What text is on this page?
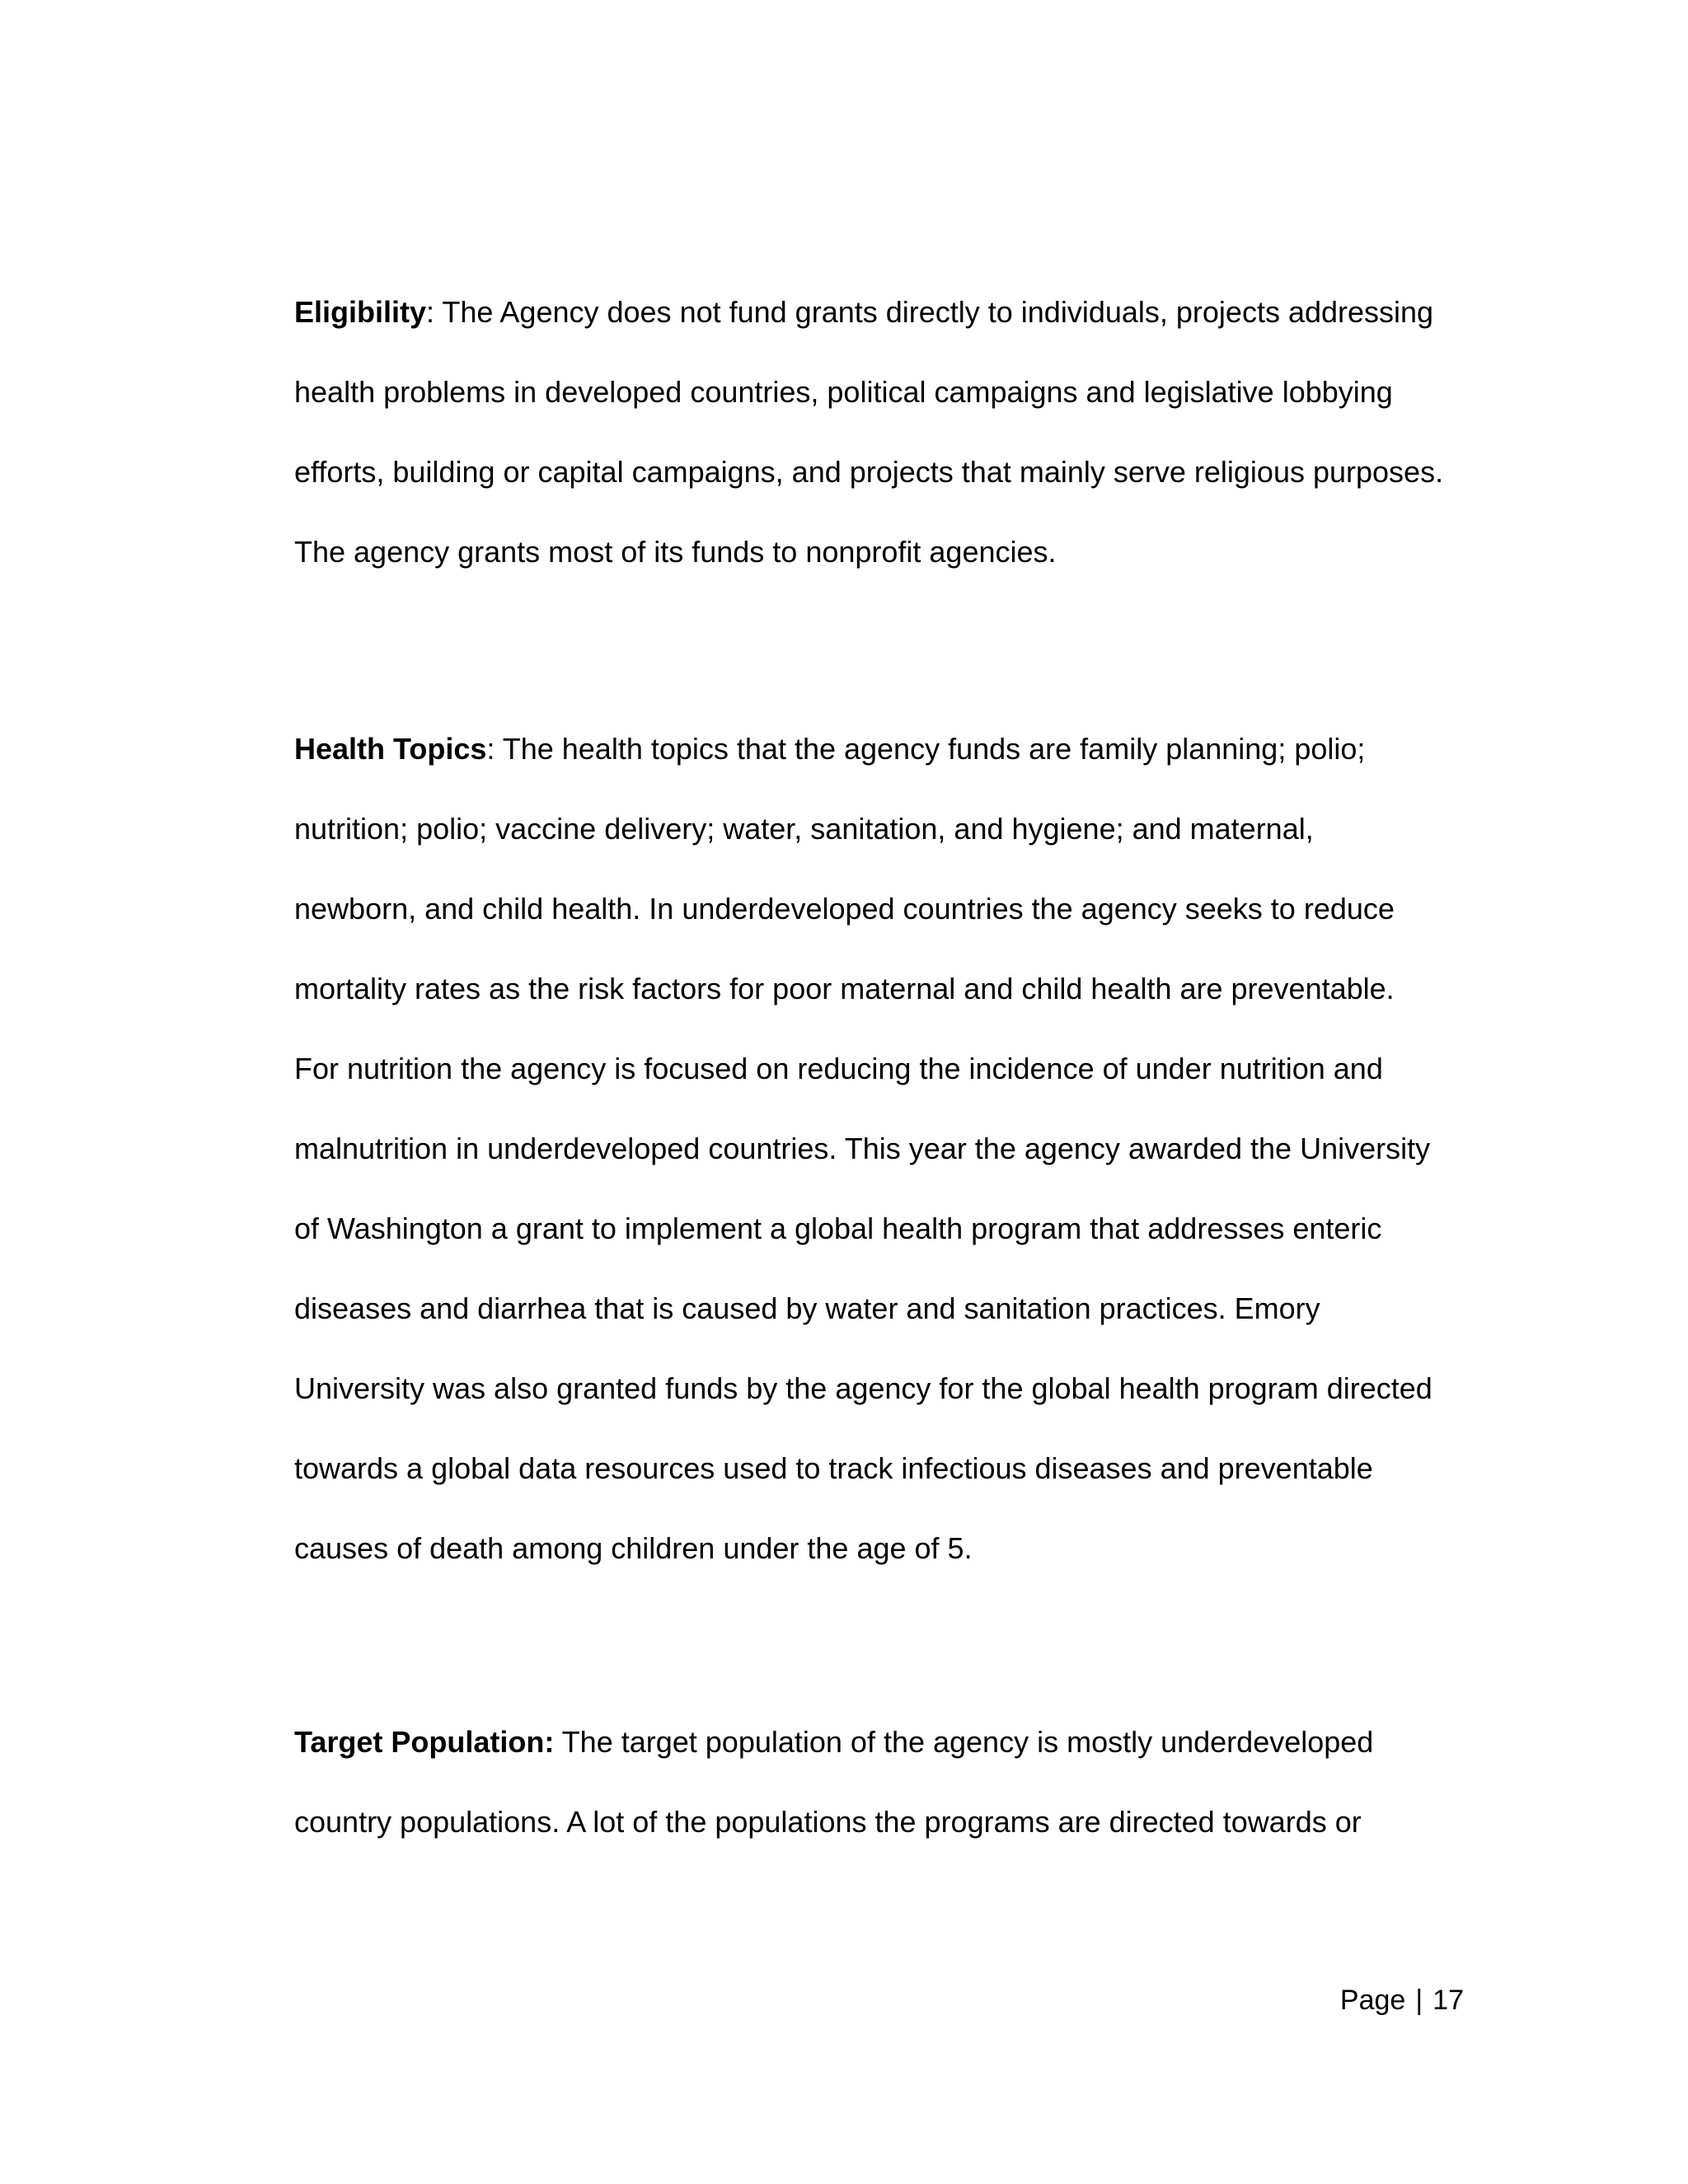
Eligibility: The Agency does not fund grants directly to individuals, projects addressing
health problems in developed countries, political campaigns and legislative lobbying
efforts, building or capital campaigns, and projects that mainly serve religious purposes.
The agency grants most of its funds to nonprofit agencies.

Health Topics: The health topics that the agency funds are family planning; polio;
nutrition; polio; vaccine delivery; water, sanitation, and hygiene; and maternal,
newborn, and child health. In underdeveloped countries the agency seeks to reduce
mortality rates as the risk factors for poor maternal and child health are preventable.
For nutrition the agency is focused on reducing the incidence of under nutrition and
malnutrition in underdeveloped countries. This year the agency awarded the University
of Washington a grant to implement a global health program that addresses enteric
diseases and diarrhea that is caused by water and sanitation practices. Emory
University was also granted funds by the agency for the global health program directed
towards a global data resources used to track infectious diseases and preventable
causes of death among children under the age of 5.

Target Population: The target population of the agency is mostly underdeveloped
country populations. A lot of the populations the programs are directed towards or

Page | 17
